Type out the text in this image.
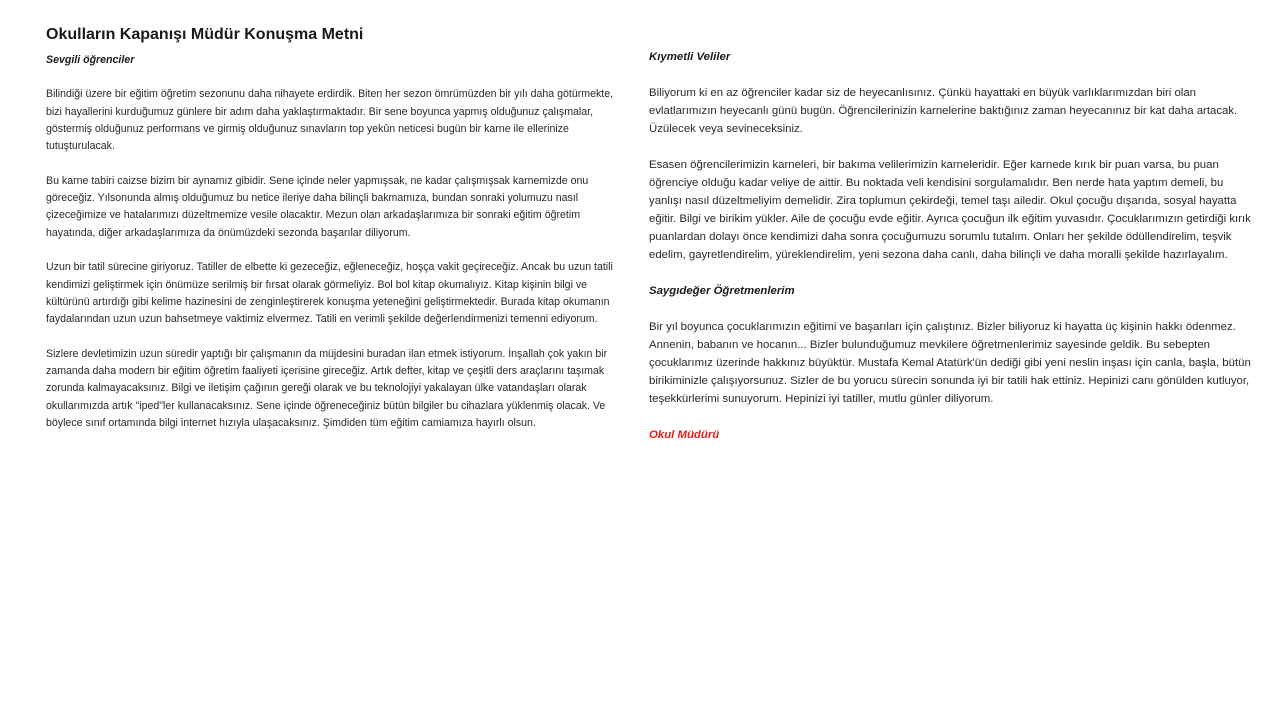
Okulların Kapanışı Müdür Konuşma Metni
Sevgili öğrenciler

Bilindiği üzere bir eğitim öğretim sezonunu daha nihayete erdirdik. Biten her sezon ömrümüzden bir yılı daha götürmekte, bizi hayallerini kurduğumuz günlere bir adım daha yaklaştırmaktadır. Bir sene boyunca yapmış olduğunuz çalışmalar, göstermiş olduğunuz performans ve girmiş olduğunuz sınavların top yekûn neticesi bugün bir karne ile ellerinize tutuşturulacak.

Bu karne tabiri caizse bizim bir aynamız gibidir. Sene içinde neler yapmışsak, ne kadar çalışmışsak karnemizde onu göreceğiz. Yılsonunda almış olduğumuz bu netice ileriye daha bilinçli bakmamıza, bundan sonraki yolumuzu nasıl çizeceğimize ve hatalarımızı düzeltmemize vesile olacaktır. Mezun olan arkadaşlarımıza bir sonraki eğitim öğretim hayatında, diğer arkadaşlarımıza da önümüzdeki sezonda başarılar diliyorum.

Uzun bir tatil sürecine giriyoruz. Tatiller de elbette ki gezeceğiz, eğleneceğiz, hoşça vakit geçireceğiz. Ancak bu uzun tatili kendimizi geliştirmek için önümüze serilmiş bir fırsat olarak görmeliyiz. Bol bol kitap okumalıyız. Kitap kişinin bilgi ve kültürünü artırdığı gibi kelime hazinesini de zenginleştirerek konuşma yeteneğini geliştirmektedir. Burada kitap okumanın faydalarından uzun uzun bahsetmeye vaktimiz elvermez. Tatili en verimli şekilde değerlendirmenizi temenni ediyorum.

Sizlere devletimizin uzun süredir yaptığı bir çalışmanın da müjdesini buradan ilan etmek istiyorum. İnşallah çok yakın bir zamanda daha modern bir eğitim öğretim faaliyeti içerisine gireceğiz. Artık defter, kitap ve çeşitli ders araçlarını taşımak zorunda kalmayacaksınız. Bilgi ve iletişim çağının gereği olarak ve bu teknolojiyi yakalayan ülke vatandaşları olarak okullarımızda artık "iped"ler kullanacaksınız. Sene içinde öğreneceğiniz bütün bilgiler bu cihazlara yüklenmiş olacak. Ve böylece sınıf ortamında bilgi internet hızıyla ulaşacaksınız. Şimdiden tüm eğitim camiamıza hayırlı olsun.

Kıymetli Veliler

Biliyorum ki en az öğrenciler kadar siz de heyecanlısınız. Çünkü hayattaki en büyük varlıklarımızdan biri olan evlatlarımızın heyecanlı günü bugün. Öğrencilerinizin karnelerine baktığınız zaman heyecanınız bir kat daha artacak. Üzülecek veya sevineceksiniz.

Esasen öğrencilerimizin karneleri, bir bakıma velilerimizin karneleridir. Eğer karnede kırık bir puan varsa, bu puan öğrenciye olduğu kadar veliye de aittir. Bu noktada veli kendisini sorgulamalıdır. Ben nerde hata yaptım demeli, bu yanlışı nasıl düzeltmeliyim demelidir. Zira toplumun çekirdeği, temel taşı ailedir. Okul çocuğu dışarıda, sosyal hayatta eğitir. Bilgi ve birikim yükler. Aile de çocuğu evde eğitir. Ayrıca çocuğun ilk eğitim yuvasıdır. Çocuklarımızın getirdiği kırık puanlardan dolayı önce kendimizi daha sonra çocuğumuzu sorumlu tutalım. Onları her şekilde ödüllendirelim, teşvik edelim, gayretlendirelim, yüreklendirelim, yeni sezona daha canlı, daha bilinçli ve daha moralli şekilde hazırlayalım.

Saygıdeğer Öğretmenlerim

Bir yıl boyunca çocuklarımızın eğitimi ve başarıları için çalıştınız. Bizler biliyoruz ki hayatta üç kişinin hakkı ödenmez. Annenin, babanın ve hocanın... Bizler bulunduğumuz mevkilere öğretmenlerimiz sayesinde geldik. Bu sebepten çocuklarımız üzerinde hakkınız büyüktür. Mustafa Kemal Atatürk'ün dediği gibi yeni neslin inşası için canla, başla, bütün birikiminizle çalışıyorsunuz. Sizler de bu yorucu sürecin sonunda iyi bir tatili hak ettiniz. Hepinizi canı gönülden kutluyor, teşekkürlerimi sunuyorum. Hepinizi iyi tatiller, mutlu günler diliyorum.

Okul Müdürü
